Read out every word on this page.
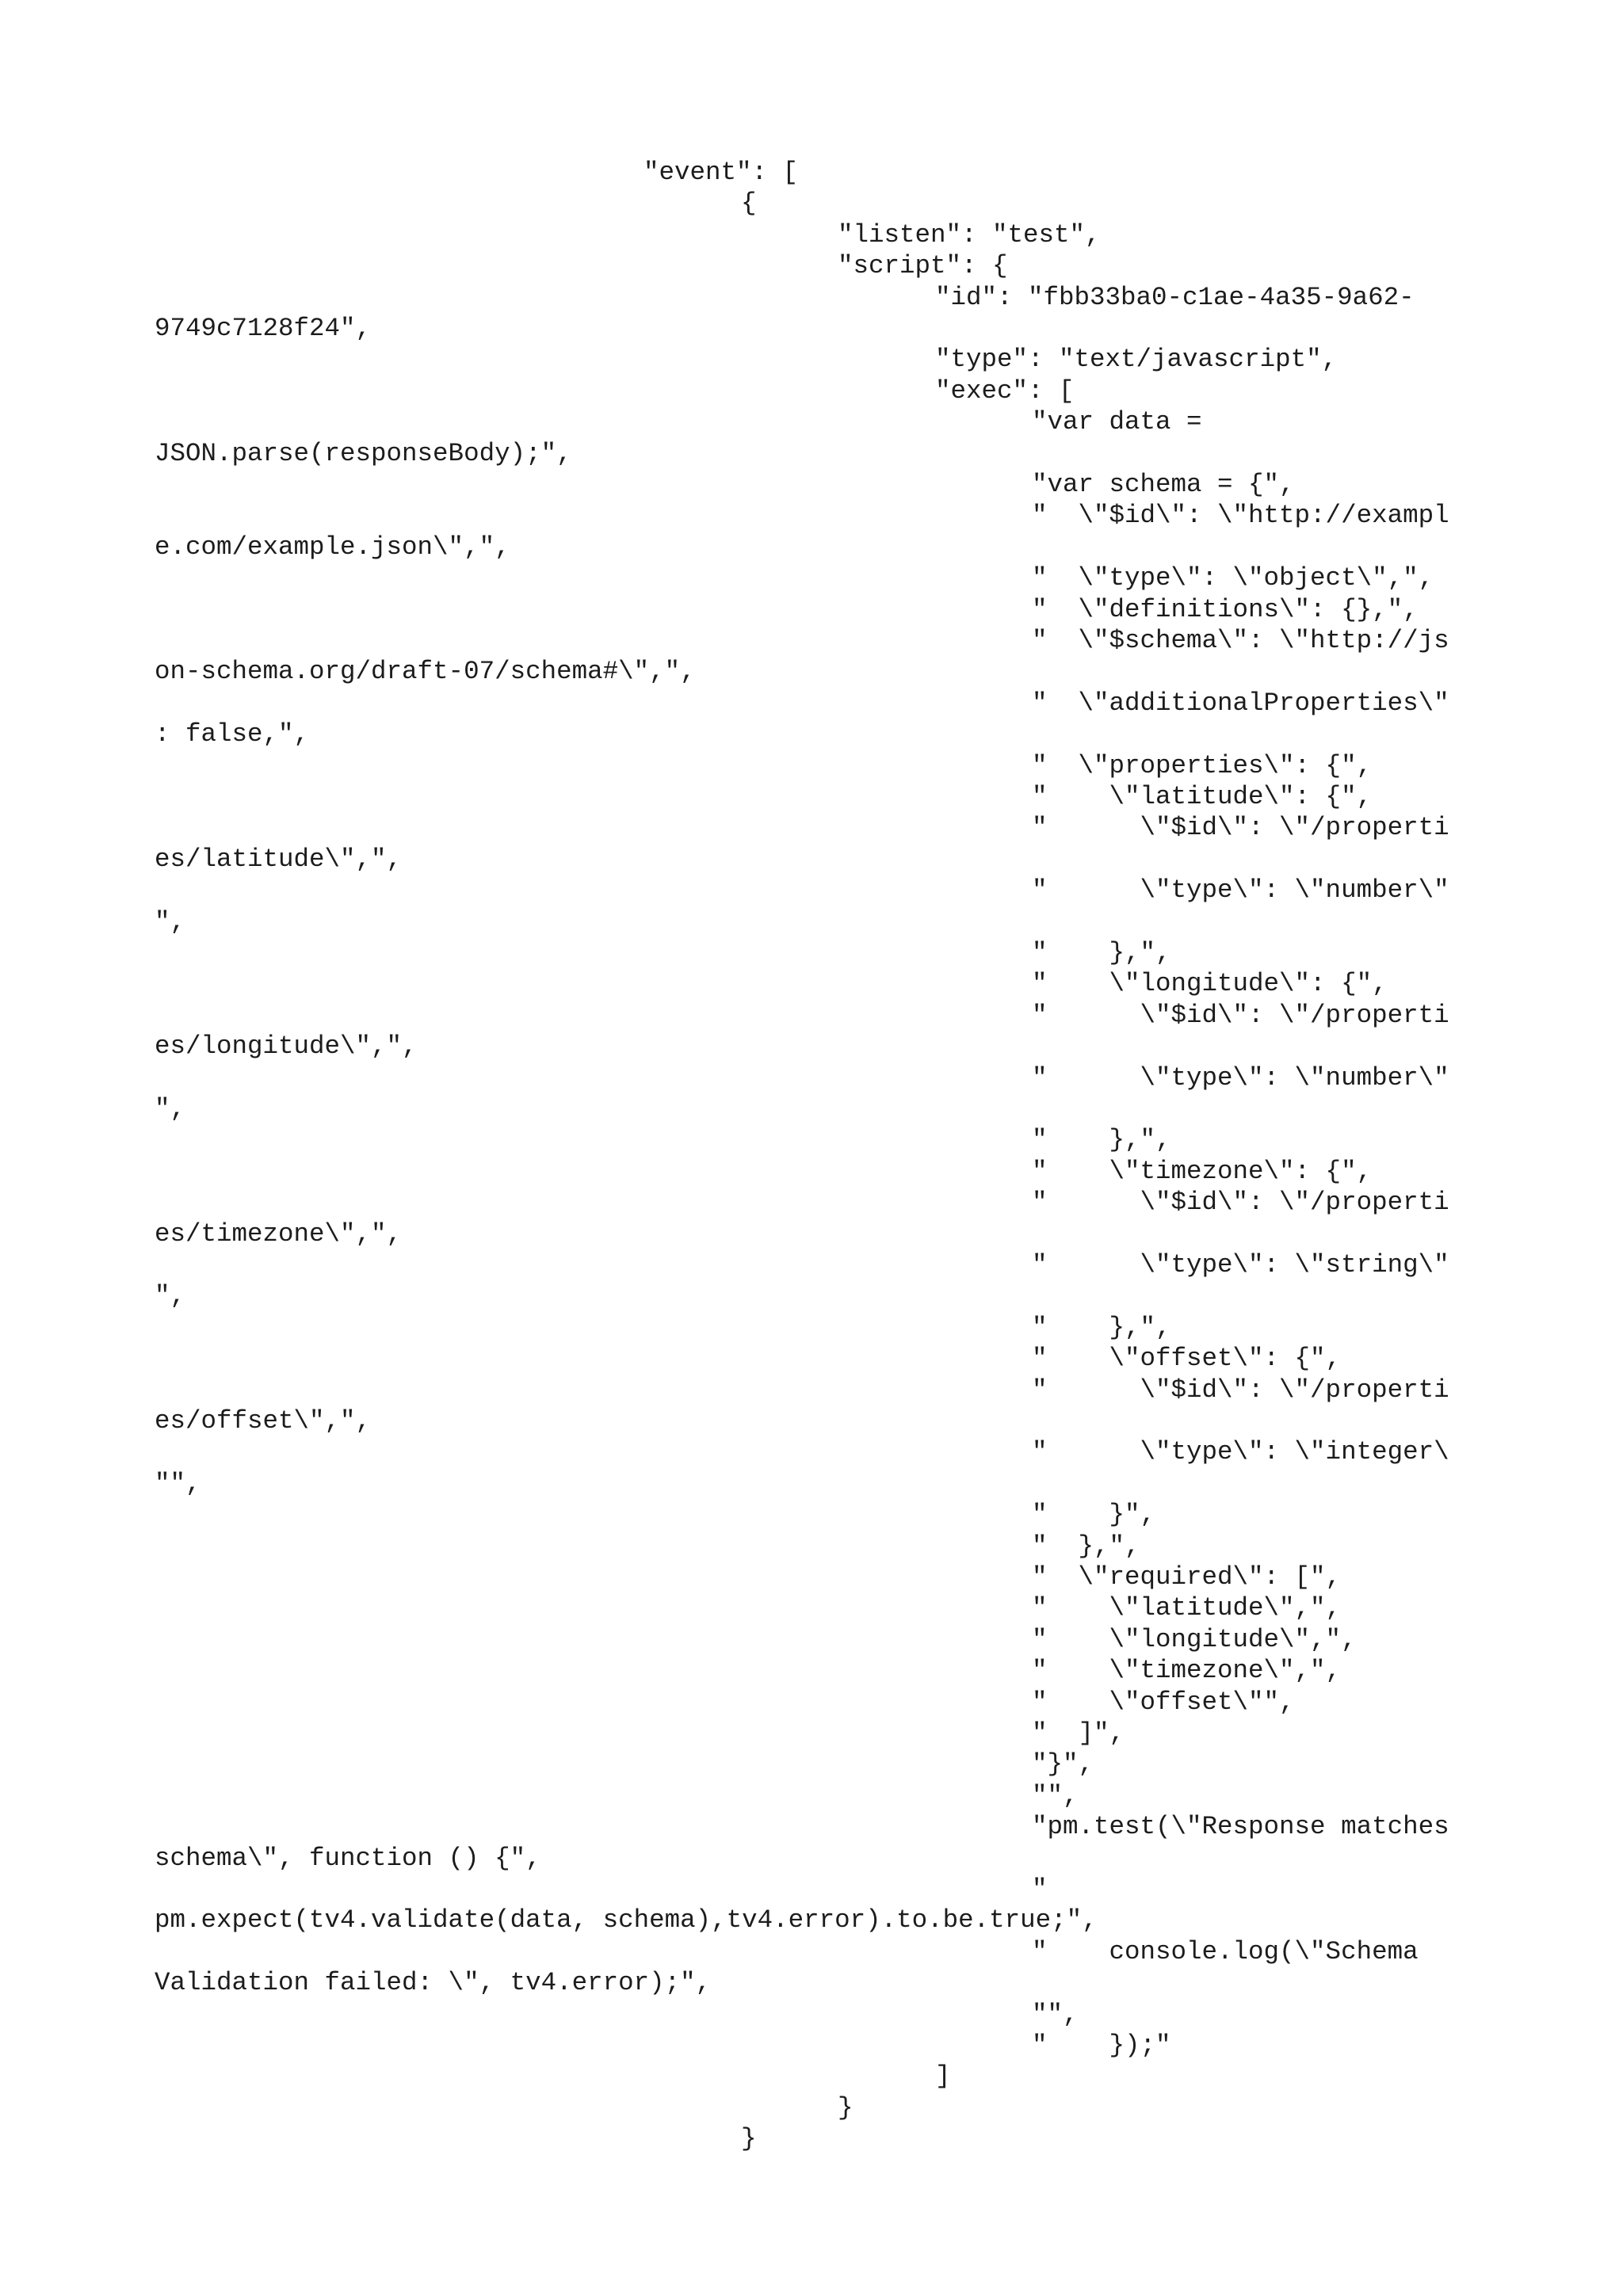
"event": [
{
"listen": "test",
"script": {
"id": "fbb33ba0-c1ae-4a35-9a62-
9749c7128f24",
"type": "text/javascript",
"exec": [
"var data =
JSON.parse(responseBody);",
"var schema = {",
"  \"$id\": \"http://exampl
e.com/example.json\",",
"  \"type\": \"object\",",
"  \"definitions\": {},",
"  \"$schema\": \"http://js
on-schema.org/draft-07/schema#\",",
"  \"additionalProperties\"
: false,",
"  \"properties\": {",
"    \"latitude\": {",
"      \"$id\": \"/properti
es/latitude\",",
"      \"type\": \"number\"
",
"    },",
"    \"longitude\": {",
"      \"$id\": \"/properti
es/longitude\",",
"      \"type\": \"number\"
",
"    },",
"    \"timezone\": {",
"      \"$id\": \"/properti
es/timezone\",",
"      \"type\": \"string\"
",
"    },",
"    \"offset\": {",
"      \"$id\": \"/properti
es/offset\",",
"      \"type\": \"integer\
"",
"    }",
"  },",
"  \"required\": [",
"    \"latitude\",",
"    \"longitude\",",
"    \"timezone\",",
"    \"offset\"",
"  ]",
"}",
"",
"pm.test(\"Response matches
schema\", function () {",
"
pm.expect(tv4.validate(data, schema),tv4.error).to.be.true;",
"    console.log(\"Schema
Validation failed: \", tv4.error);",
"",
"    });"
]
}
}
